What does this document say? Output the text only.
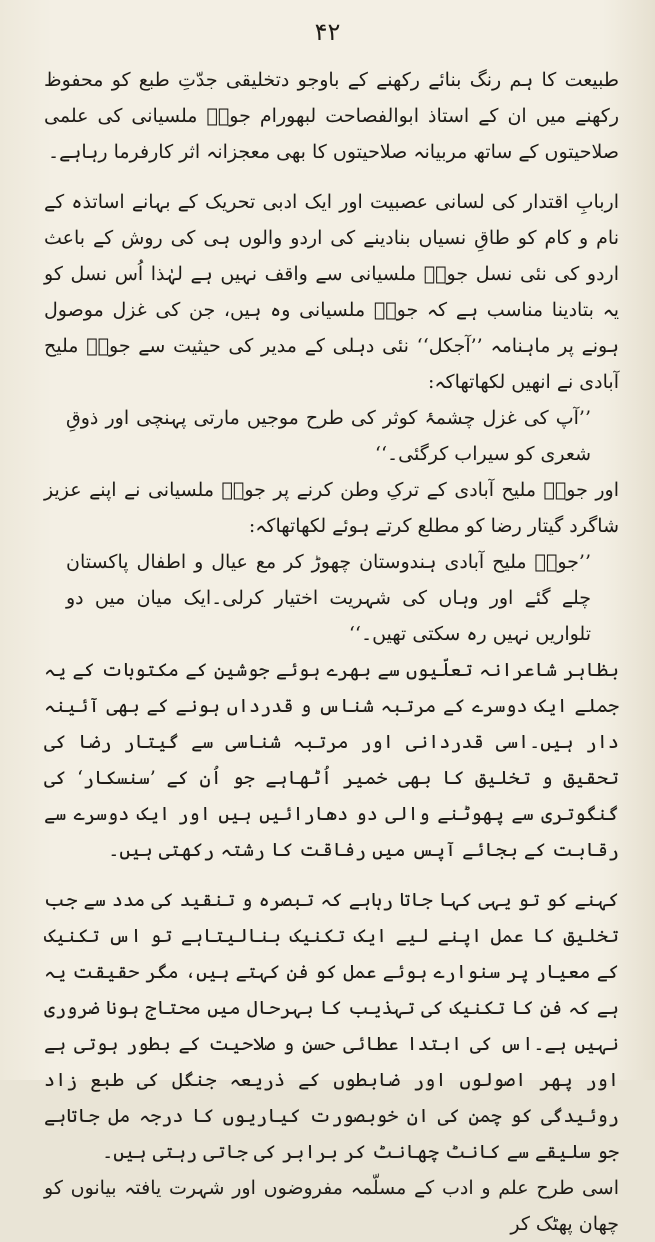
۴۲

طبیعت کا ہم رنگ بنائے رکھنے کے باوجو دتخلیقی جدّتِ طبع کو محفوظ رکھنے میں ان کے استاذ ابوالفصاحت لبھورام جوشؔ ملسیانی کی علمی صلاحیتوں کے ساتھ مربیانہ صلاحیتوں کا بھی معجزانہ اثر کارفرما رہاہے۔

اربابِ اقتدار کی لسانی عصبیت اور ایک ادبی تحریک کے بہانے اساتذہ کے نام و کام کو طاقِ نسیاں بنادینے کی اردو والوں ہی کی روش کے باعث اردو کی نئی نسل جوشؔ ملسیانی سے واقف نہیں ہے لہٰذا اُس نسل کو یہ بتادینا مناسب ہے کہ جوشؔ ملسیانی وہ ہیں، جن کی غزل موصول ہونے پر ماہنامہ ’’آجکل‘‘ نئی دہلی کے مدیر کی حیثیت سے جوشؔ ملیح آبادی نے انھیں لکھاتھاکہ:

’’آپ کی غزل چشمۂ کوثر کی طرح موجیں مارتی پہنچی اور ذوقِ شعری کو سیراب کرگئی۔‘‘

اور جوشؔ ملیح آبادی کے ترکِ وطن کرنے پر جوشؔ ملسیانی نے اپنے عزیز شاگرد گیتار رضا کو مطلع کرتے ہوئے لکھاتھاکہ:

’’جوشؔ ملیح آبادی ہندوستان چھوڑ کر مع عیال و اطفال پاکستان چلے گئے اور وہاں کی شہریت اختیار کرلی۔ایک میان میں دو تلواریں نہیں رہ سکتی تھیں۔‘‘

بظاہر شاعرانہ تعلّیوں سے بھرے ہوئے جوشین کے مکتوبات کے یہ جملے ایک دوسرے کے مرتبہ شناس و قدرداں ہونے کے بھی آئینہ دار ہیں۔اسی قدردانی اور مرتبہ شناسی سے گیتار رضا کی تحقیق و تخلیق کا بھی خمیر اُٹھاہے جو اُن کے ’سنسکار‘ کی گنگوتری سے پھوٹنے والی دو دھارائیں ہیں اور ایک دوسرے سے رقابت کے بجائے آپس میں رفاقت کا رشتہ رکھتی ہیں۔

کہنے کو تو یہی کہا جاتا رہاہے کہ تبصرہ و تنقید کی مدد سے جب تخلیق کا عمل اپنے لیے ایک تکنیک بنالیتاہے تو اس تکنیک کے معیار پر سنوارے ہوئے عمل کو فن کہتے ہیں، مگر حقیقت یہ ہے کہ فن کا تکنیک کی تہذیب کا بہرحال میں محتاج ہونا ضروری نہیں ہے۔اس کی ابتدا عطائی حسن و صلاحیت کے بطور ہوتی ہے اور پھر اصولوں اور ضابطوں کے ذریعہ جنگل کی طبع زاد روئیدگی کو چمن کی ان خوبصورت کیاریوں کا درجہ مل جاتاہے جو سلیقے سے کانٹ چھانٹ کر برابر کی جاتی رہتی ہیں۔

اسی طرح علم و ادب کے مسلّمہ مفروضوں اور شہرت یافتہ بیانوں کو چھان پھٹک کر
